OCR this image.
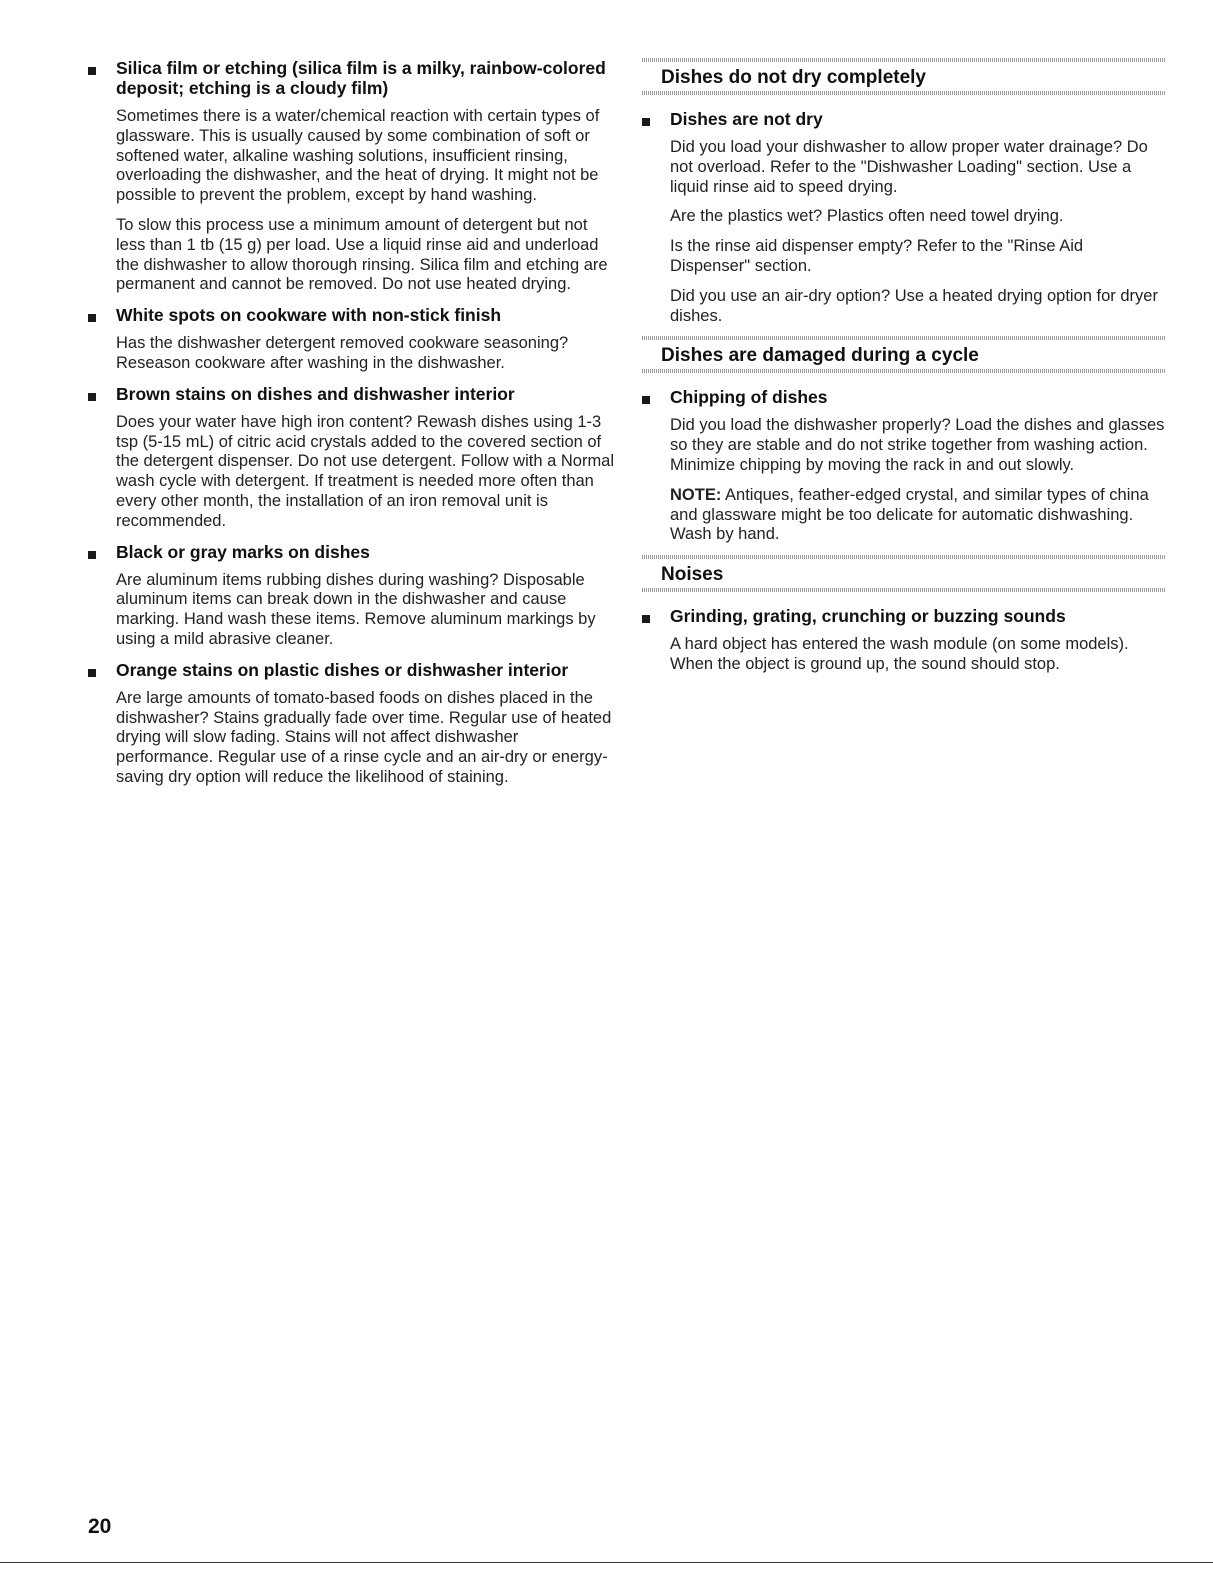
Silica film or etching (silica film is a milky, rainbow-colored deposit; etching is a cloudy film)

Sometimes there is a water/chemical reaction with certain types of glassware. This is usually caused by some combination of soft or softened water, alkaline washing solutions, insufficient rinsing, overloading the dishwasher, and the heat of drying. It might not be possible to prevent the problem, except by hand washing.

To slow this process use a minimum amount of detergent but not less than 1 tb (15 g) per load. Use a liquid rinse aid and underload the dishwasher to allow thorough rinsing. Silica film and etching are permanent and cannot be removed. Do not use heated drying.

White spots on cookware with non-stick finish

Has the dishwasher detergent removed cookware seasoning? Reseason cookware after washing in the dishwasher.

Brown stains on dishes and dishwasher interior

Does your water have high iron content? Rewash dishes using 1-3 tsp (5-15 mL) of citric acid crystals added to the covered section of the detergent dispenser. Do not use detergent. Follow with a Normal wash cycle with detergent. If treatment is needed more often than every other month, the installation of an iron removal unit is recommended.

Black or gray marks on dishes

Are aluminum items rubbing dishes during washing? Disposable aluminum items can break down in the dishwasher and cause marking. Hand wash these items. Remove aluminum markings by using a mild abrasive cleaner.

Orange stains on plastic dishes or dishwasher interior

Are large amounts of tomato-based foods on dishes placed in the dishwasher? Stains gradually fade over time. Regular use of heated drying will slow fading. Stains will not affect dishwasher performance. Regular use of a rinse cycle and an air-dry or energy-saving dry option will reduce the likelihood of staining.

Dishes do not dry completely
Dishes are not dry

Did you load your dishwasher to allow proper water drainage? Do not overload. Refer to the "Dishwasher Loading" section. Use a liquid rinse aid to speed drying.

Are the plastics wet? Plastics often need towel drying.

Is the rinse aid dispenser empty? Refer to the "Rinse Aid Dispenser" section.

Did you use an air-dry option? Use a heated drying option for dryer dishes.

Dishes are damaged during a cycle
Chipping of dishes

Did you load the dishwasher properly? Load the dishes and glasses so they are stable and do not strike together from washing action. Minimize chipping by moving the rack in and out slowly.

NOTE: Antiques, feather-edged crystal, and similar types of china and glassware might be too delicate for automatic dishwashing. Wash by hand.

Noises
Grinding, grating, crunching or buzzing sounds

A hard object has entered the wash module (on some models). When the object is ground up, the sound should stop.

20
